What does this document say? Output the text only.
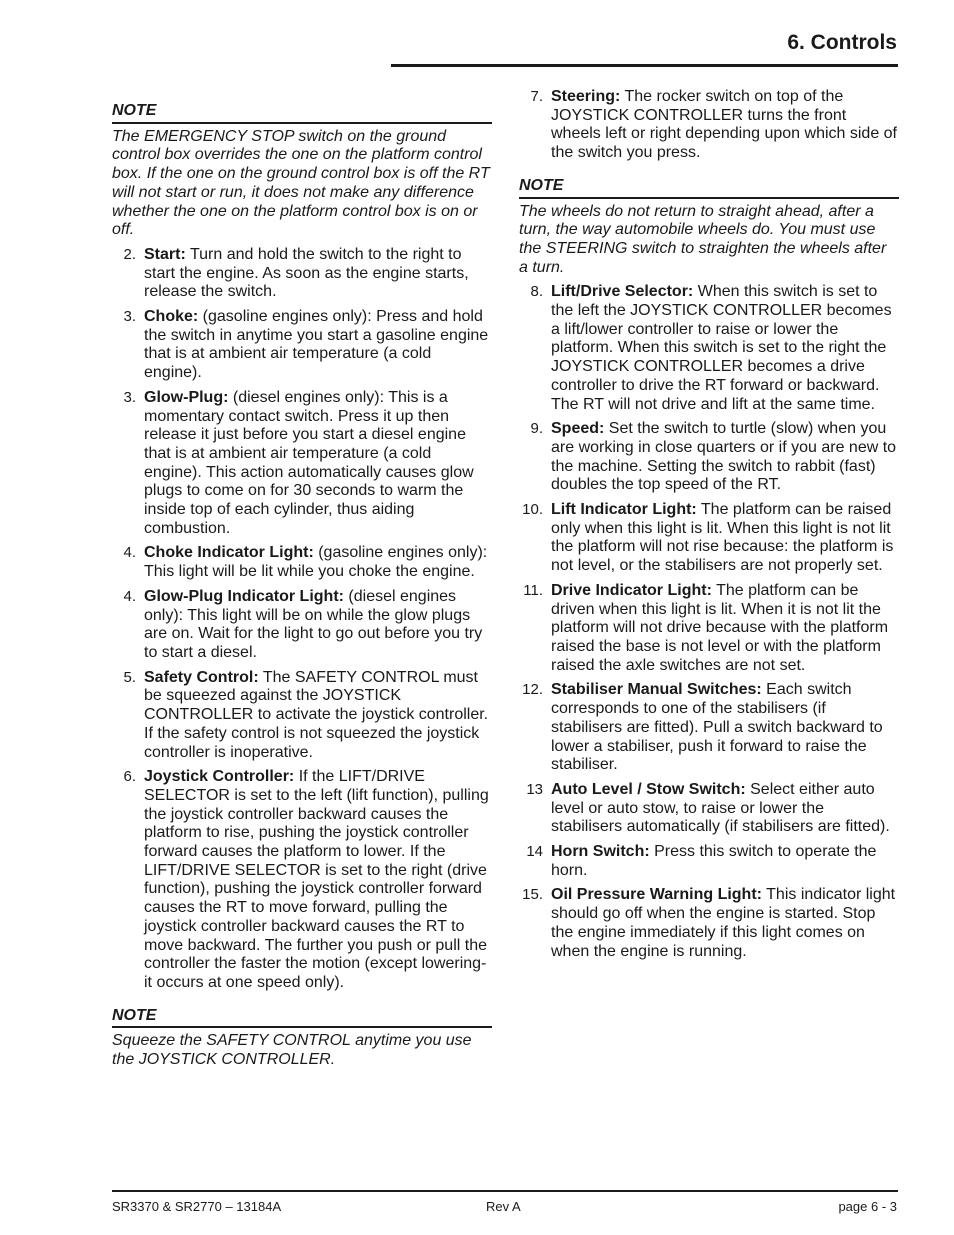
6. Controls
NOTE
The EMERGENCY STOP switch on the ground control box overrides the one on the platform control box. If the one on the ground control box is off the RT will not start or run, it does not make any difference whether the one on the platform control box is on or off.
2. Start: Turn and hold the switch to the right to start the engine. As soon as the engine starts, release the switch.
3. Choke: (gasoline engines only): Press and hold the switch in anytime you start a gasoline engine that is at ambient air temperature (a cold engine).
3. Glow-Plug: (diesel engines only): This is a momentary contact switch. Press it up then release it just before you start a diesel engine that is at ambient air temperature (a cold engine). This action automatically causes glow plugs to come on for 30 seconds to warm the inside top of each cylinder, thus aiding combustion.
4. Choke Indicator Light: (gasoline engines only): This light will be lit while you choke the engine.
4. Glow-Plug Indicator Light: (diesel engines only): This light will be on while the glow plugs are on. Wait for the light to go out before you try to start a diesel.
5. Safety Control: The SAFETY CONTROL must be squeezed against the JOYSTICK CONTROLLER to activate the joystick controller. If the safety control is not squeezed the joystick controller is inoperative.
6. Joystick Controller: If the LIFT/DRIVE SELECTOR is set to the left (lift function), pulling the joystick controller backward causes the platform to rise, pushing the joystick controller forward causes the platform to lower. If the LIFT/DRIVE SELECTOR is set to the right (drive function), pushing the joystick controller forward causes the RT to move forward, pulling the joystick controller backward causes the RT to move backward. The further you push or pull the controller the faster the motion (except lowering-it occurs at one speed only).
NOTE
Squeeze the SAFETY CONTROL anytime you use the JOYSTICK CONTROLLER.
7. Steering: The rocker switch on top of the JOYSTICK CONTROLLER turns the front wheels left or right depending upon which side of the switch you press.
NOTE
The wheels do not return to straight ahead, after a turn, the way automobile wheels do. You must use the STEERING switch to straighten the wheels after a turn.
8. Lift/Drive Selector: When this switch is set to the left the JOYSTICK CONTROLLER becomes a lift/lower controller to raise or lower the platform. When this switch is set to the right the JOYSTICK CONTROLLER becomes a drive controller to drive the RT forward or backward. The RT will not drive and lift at the same time.
9. Speed: Set the switch to turtle (slow) when you are working in close quarters or if you are new to the machine. Setting the switch to rabbit (fast) doubles the top speed of the RT.
10. Lift Indicator Light: The platform can be raised only when this light is lit. When this light is not lit the platform will not rise because: the platform is not level, or the stabilisers are not properly set.
11. Drive Indicator Light: The platform can be driven when this light is lit. When it is not lit the platform will not drive because with the platform raised the base is not level or with the platform raised the axle switches are not set.
12. Stabiliser Manual Switches: Each switch corresponds to one of the stabilisers (if stabilisers are fitted). Pull a switch backward to lower a stabiliser, push it forward to raise the stabiliser.
13 Auto Level / Stow Switch: Select either auto level or auto stow, to raise or lower the stabilisers automatically (if stabilisers are fitted).
14 Horn Switch: Press this switch to operate the horn.
15. Oil Pressure Warning Light: This indicator light should go off when the engine is started. Stop the engine immediately if this light comes on when the engine is running.
SR3370 & SR2770 – 13184A	Rev A	page 6 - 3
